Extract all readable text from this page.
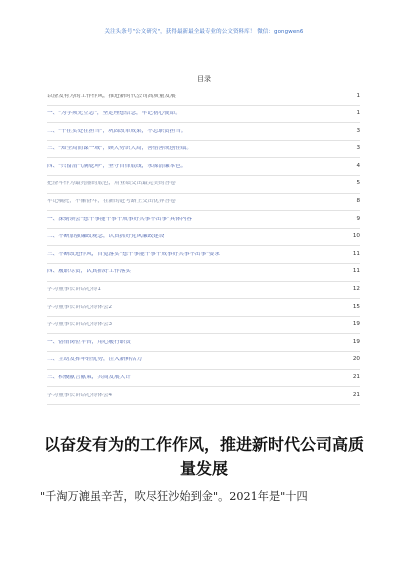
关注头条号"公文研究"，获得最新最全最专业的公文资料库！ 微信：gongwen6
目录
以奋发有为的工作作风，推进新时代公司高质量发展	1
一、"为学须先立志"，坚定理想信念，牢记初心使命。	1
二、"干在实处在担当"，巩固改革成果，不忘职责担当。	3
三、"知全局而谋一域"，顾大势识大局，善借善成创佳绩。	3
四、"只留清气满乾坤"，坚守自律底线，永葆清廉本色。	4
把奋斗作为最亮丽的底色，用业绩交出最完美的答卷	5
牢记嘱托，不懈奋斗，在新的赶考路上交出优异答卷	8
一、深刻领会"想干事能干事干成事好共事不出事"具体内容	9
二、不断加强廉政观念，认真抓好党风廉政建设	10
三、不断改进作风，自觉落实"想干事能干事干成事好共事不出事"要求	11
四、履职尽责，认真抓好工作落实	11
学习董事长讲话心得1	12
学习董事长讲话心得体会2	15
学习董事长讲话心得体会3	19
一、恪情岗位平台，用心履行职责	19
二、主动发挥年轻优势，注入新鲜活力	20
三、积极献言献策，共商发展大计	21
学习董事长讲话心得体会4	21
以奋发有为的工作作风，推进新时代公司高质量发展
"千淘万漉虽辛苦，吹尽狂沙始到金"。2021年是"十四
